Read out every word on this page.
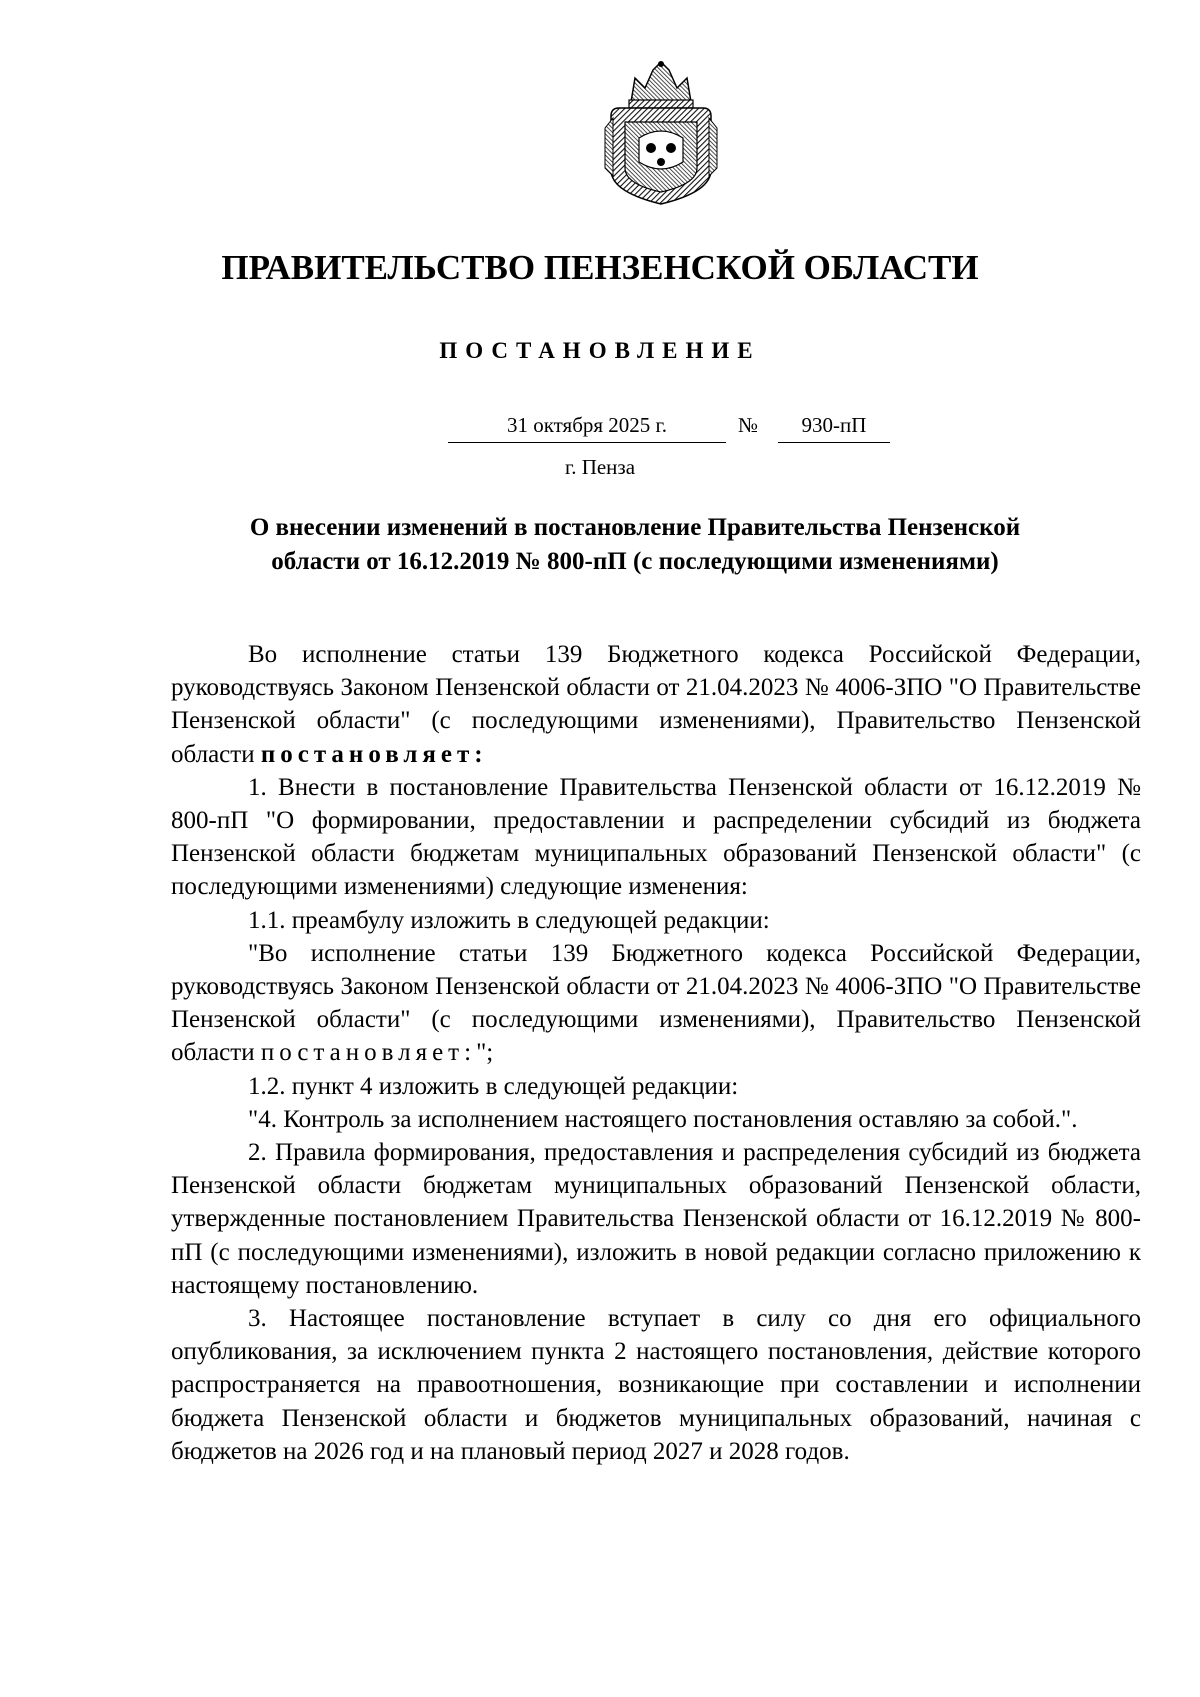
ПРАВИТЕЛЬСТВО ПЕНЗЕНСКОЙ ОБЛАСТИ
ПОСТАНОВЛЕНИЕ
31 октября 2025 г.	№	930-пП
г. Пенза
О внесении изменений в постановление Правительства Пензенской
области от 16.12.2019 № 800-пП (с последующими изменениями)

Во исполнение статьи 139 Бюджетного кодекса Российской Федерации, руководствуясь Законом Пензенской области от 21.04.2023 № 4006-ЗПО "О Правительстве Пензенской области" (с последующими изменениями), Правительство Пензенской области постановляет:

1. Внести в постановление Правительства Пензенской области от 16.12.2019 № 800-пП "О формировании, предоставлении и распределении субсидий из бюджета Пензенской области бюджетам муниципальных образований Пензенской области" (с последующими изменениями) следующие изменения:

1.1. преамбулу изложить в следующей редакции:

"Во исполнение статьи 139 Бюджетного кодекса Российской Федерации, руководствуясь Законом Пензенской области от 21.04.2023 № 4006-ЗПО "О Правительстве Пензенской области" (с последующими изменениями), Правительство Пензенской области постановляет:";

1.2. пункт 4 изложить в следующей редакции:

"4. Контроль за исполнением настоящего постановления оставляю за собой.".

2. Правила формирования, предоставления и распределения субсидий из бюджета Пензенской области бюджетам муниципальных образований Пензенской области, утвержденные постановлением Правительства Пензенской области от 16.12.2019 № 800-пП (с последующими изменениями), изложить в новой редакции согласно приложению к настоящему постановлению.

3. Настоящее постановление вступает в силу со дня его официального опубликования, за исключением пункта 2 настоящего постановления, действие которого распространяется на правоотношения, возникающие при составлении и исполнении бюджета Пензенской области и бюджетов муниципальных образований, начиная с бюджетов на 2026 год и на плановый период 2027 и 2028 годов.
